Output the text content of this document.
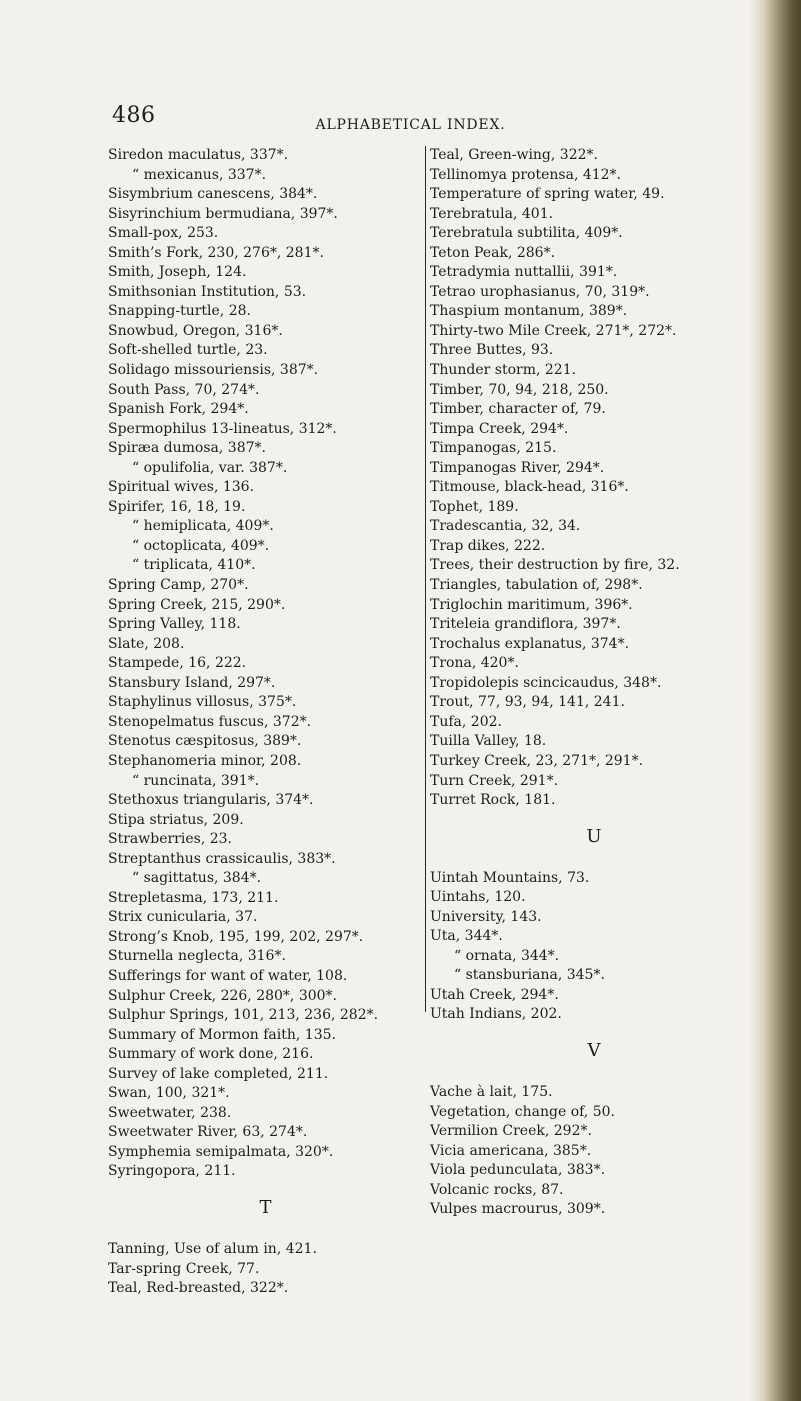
486	ALPHABETICAL INDEX.
Siredon maculatus, 337*.
“ mexicanus, 337*.
Sisymbrium canescens, 384*.
Sisyrinchium bermudiana, 397*.
Small-pox, 253.
Smith’s Fork, 230, 276*, 281*.
Smith, Joseph, 124.
Smithsonian Institution, 53.
Snapping-turtle, 28.
Snowbud, Oregon, 316*.
Soft-shelled turtle, 23.
Solidago missouriensis, 387*.
South Pass, 70, 274*.
Spanish Fork, 294*.
Spermophilus 13-lineatus, 312*.
Spiræa dumosa, 387*.
“ opulifolia, var. 387*.
Spiritual wives, 136.
Spirifer, 16, 18, 19.
“ hemiplicata, 409*.
“ octoplicata, 409*.
“ triplicata, 410*.
Spring Camp, 270*.
Spring Creek, 215, 290*.
Spring Valley, 118.
Slate, 208.
Stampede, 16, 222.
Stansbury Island, 297*.
Staphylinus villosus, 375*.
Stenopelmatus fuscus, 372*.
Stenotus cæspitosus, 389*.
Stephanomeria minor, 208.
“ runcinata, 391*.
Stethoxus triangularis, 374*.
Stipa striatus, 209.
Strawberries, 23.
Streptanthus crassicaulis, 383*.
“ sagittatus, 384*.
Strepletasma, 173, 211.
Strix cunicularia, 37.
Strong’s Knob, 195, 199, 202, 297*.
Sturnella neglecta, 316*.
Sufferings for want of water, 108.
Sulphur Creek, 226, 280*, 300*.
Sulphur Springs, 101, 213, 236, 282*.
Summary of Mormon faith, 135.
Summary of work done, 216.
Survey of lake completed, 211.
Swan, 100, 321*.
Sweetwater, 238.
Sweetwater River, 63, 274*.
Symphemia semipalmata, 320*.
Syringopora, 211.
T
Tanning, Use of alum in, 421.
Tar-spring Creek, 77.
Teal, Red-breasted, 322*.
Teal, Green-wing, 322*.
Tellinomya protensa, 412*.
Temperature of spring water, 49.
Terebratula, 401.
Terebratula subtilita, 409*.
Teton Peak, 286*.
Tetradymia nuttallii, 391*.
Tetrao urophasianus, 70, 319*.
Thaspium montanum, 389*.
Thirty-two Mile Creek, 271*, 272*.
Three Buttes, 93.
Thunder storm, 221.
Timber, 70, 94, 218, 250.
Timber, character of, 79.
Timpa Creek, 294*.
Timpanogas, 215.
Timpanogas River, 294*.
Titmouse, black-head, 316*.
Tophet, 189.
Tradescantia, 32, 34.
Trap dikes, 222.
Trees, their destruction by fire, 32.
Triangles, tabulation of, 298*.
Triglochin maritimum, 396*.
Triteleia grandiflora, 397*.
Trochalus explanatus, 374*.
Trona, 420*.
Tropidolepis scincicaudus, 348*.
Trout, 77, 93, 94, 141, 241.
Tufa, 202.
Tuilla Valley, 18.
Turkey Creek, 23, 271*, 291*.
Turn Creek, 291*.
Turret Rock, 181.
U
Uintah Mountains, 73.
Uintahs, 120.
University, 143.
Uta, 344*.
“ ornata, 344*.
“ stansburiana, 345*.
Utah Creek, 294*.
Utah Indians, 202.
V
Vache à lait, 175.
Vegetation, change of, 50.
Vermilion Creek, 292*.
Vicia americana, 385*.
Viola pedunculata, 383*.
Volcanic rocks, 87.
Vulpes macrourus, 309*.
